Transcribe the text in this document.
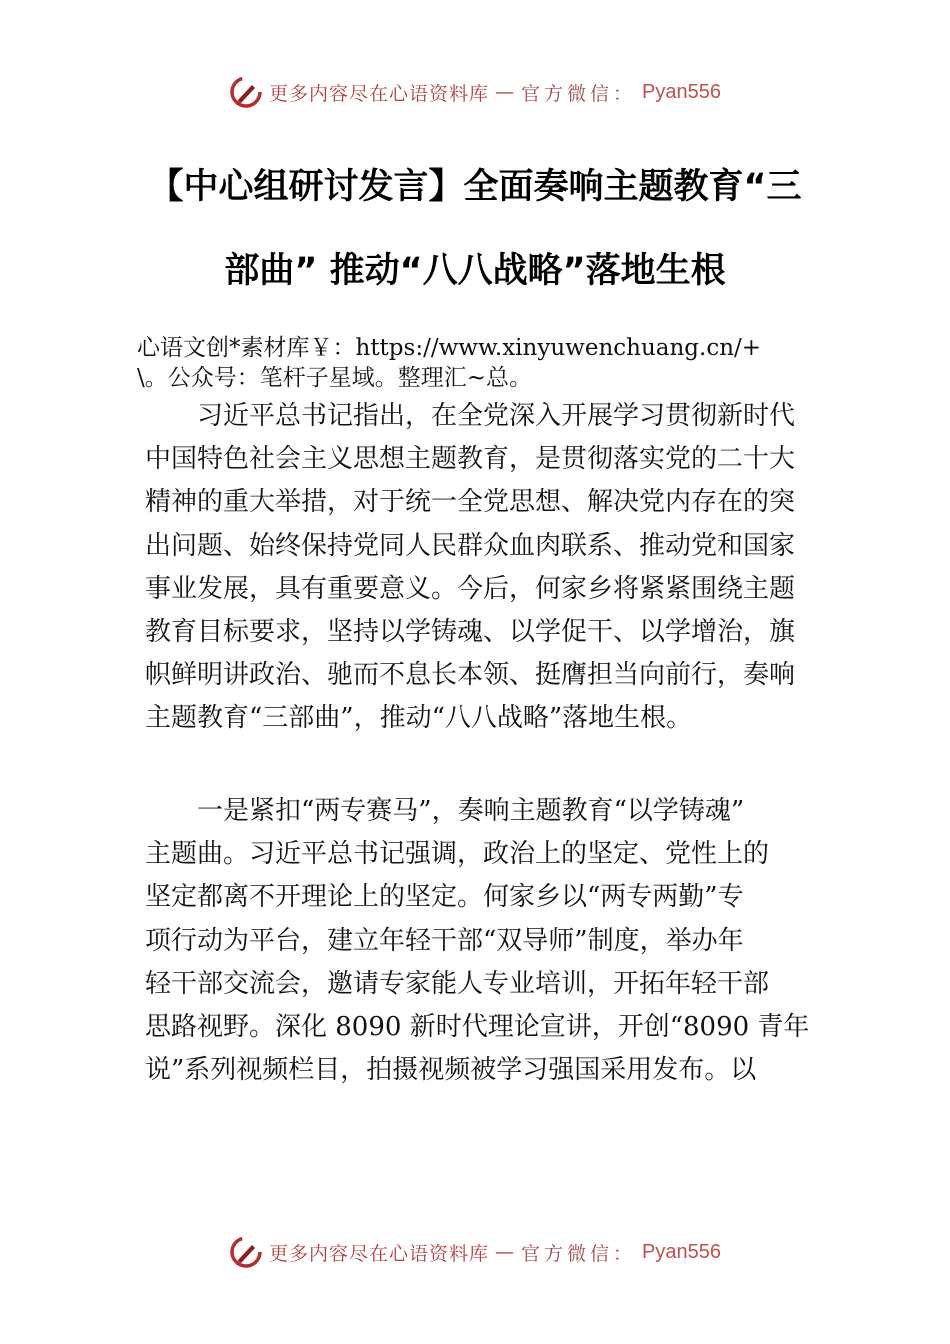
更多内容尽在心语资料库 — 官方微信： Pyan556
【中心组研讨发言】全面奏响主题教育“三
部曲” 推动“八八战略”落地生根
心语文创*素材库￥：https://www.xinyuwenchuang.cn/+
\。公众号：笔杆子星域。整理汇~总。

　　习近平总书记指出，在全党深入开展学习贯彻新时代
中国特色社会主义思想主题教育，是贯彻落实党的二十大
精神的重大举措，对于统一全党思想、解决党内存在的突
出问题、始终保持党同人民群众血肉联系、推动党和国家
事业发展，具有重要意义。今后，何家乡将紧紧围绕主题
教育目标要求，坚持以学铸魂、以学促干、以学增治，旗
帜鲜明讲政治、驰而不息长本领、挺膺担当向前行，奏响
主题教育“三部曲”，推动“八八战略”落地生根。

　　一是紧扣“两专赛马”，奏响主题教育“以学铸魂”
主题曲。习近平总书记强调，政治上的坚定、党性上的
坚定都离不开理论上的坚定。何家乡以“两专两勤”专
项行动为平台，建立年轻干部“双导师”制度，举办年
轻干部交流会，邀请专家能人专业培训，开拓年轻干部
思路视野。深化 8090 新时代理论宣讲，开创“8090 青年
说”系列视频栏目，拍摄视频被学习强国采用发布。以

更多内容尽在心语资料库 — 官方微信： Pyan556
